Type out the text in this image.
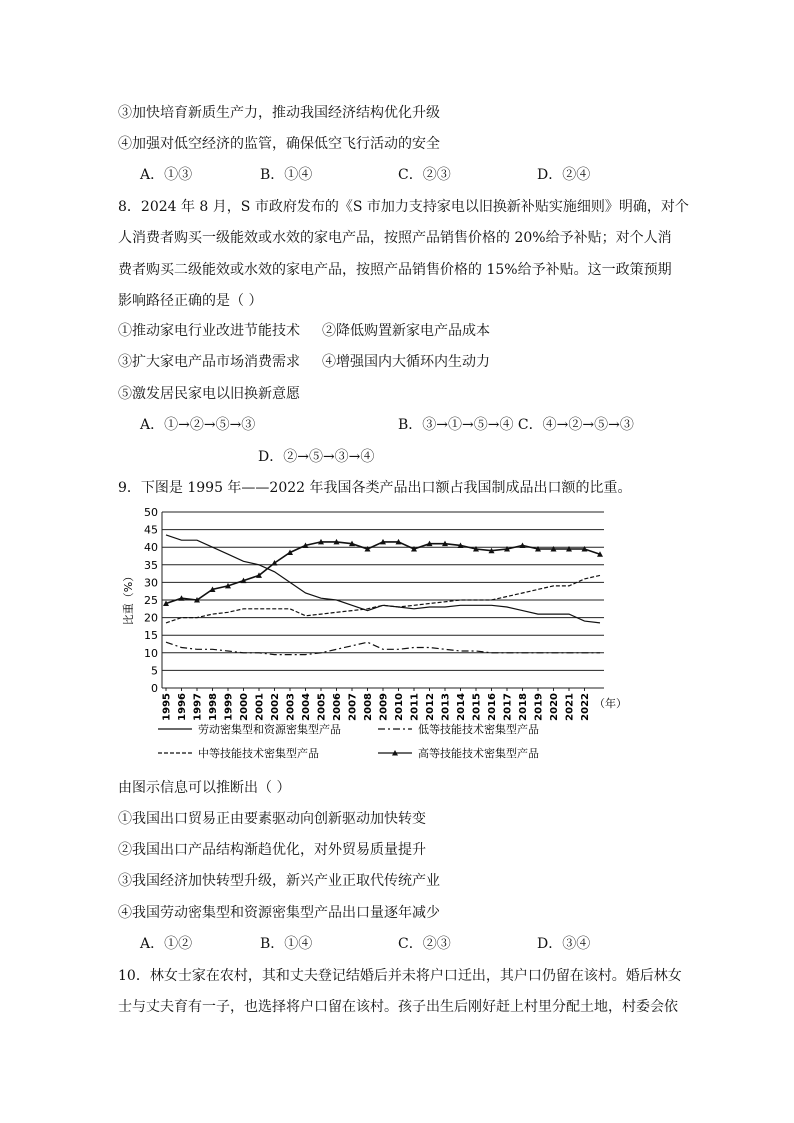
③加快培育新质生产力，推动我国经济结构优化升级
④加强对低空经济的监管，确保低空飞行活动的安全
A．①③	B．①④	C．②③	D．②④
8．2024 年 8 月，S 市政府发布的《S 市加力支持家电以旧换新补贴实施细则》明确，对个
人消费者购买一级能效或水效的家电产品，按照产品销售价格的 20%给予补贴；对个人消
费者购买二级能效或水效的家电产品，按照产品销售价格的 15%给予补贴。这一政策预期
影响路径正确的是（ ）
①推动家电行业改进节能技术 ②降低购置新家电产品成本
③扩大家电产品市场消费需求 ④增强国内大循环内生动力
⑤激发居民家电以旧换新意愿
A．①→②→⑤→③	B．③→①→⑤→④ C．④→②→⑤→③
D．②→⑤→③→④
9．下图是 1995 年——2022 年我国各类产品出口额占我国制成品出口额的比重。
0
5
10
15
20
25
30
35
40
45
50
1995 1996 1997 1998 1999 2000 2001 2002 2003 2004 2005 2006 2007 2008 2009 2010 2011 2012 2013 2014 2015 2016 2017 2018 2019 2020 2021 2022
比重（%）
（年）
劳动密集型和资源密集型产品	低等技能技术密集型产品
中等技能技术密集型产品	高等技能技术密集型产品
由图示信息可以推断出（ ）
①我国出口贸易正由要素驱动向创新驱动加快转变
②我国出口产品结构渐趋优化，对外贸易质量提升
③我国经济加快转型升级，新兴产业正取代传统产业
④我国劳动密集型和资源密集型产品出口量逐年减少
A．①②	B．①④	C．②③	D．③④
10．林女士家在农村，其和丈夫登记结婚后并未将户口迁出，其户口仍留在该村。婚后林女
士与丈夫育有一子，也选择将户口留在该村。孩子出生后刚好赶上村里分配土地，村委会依
